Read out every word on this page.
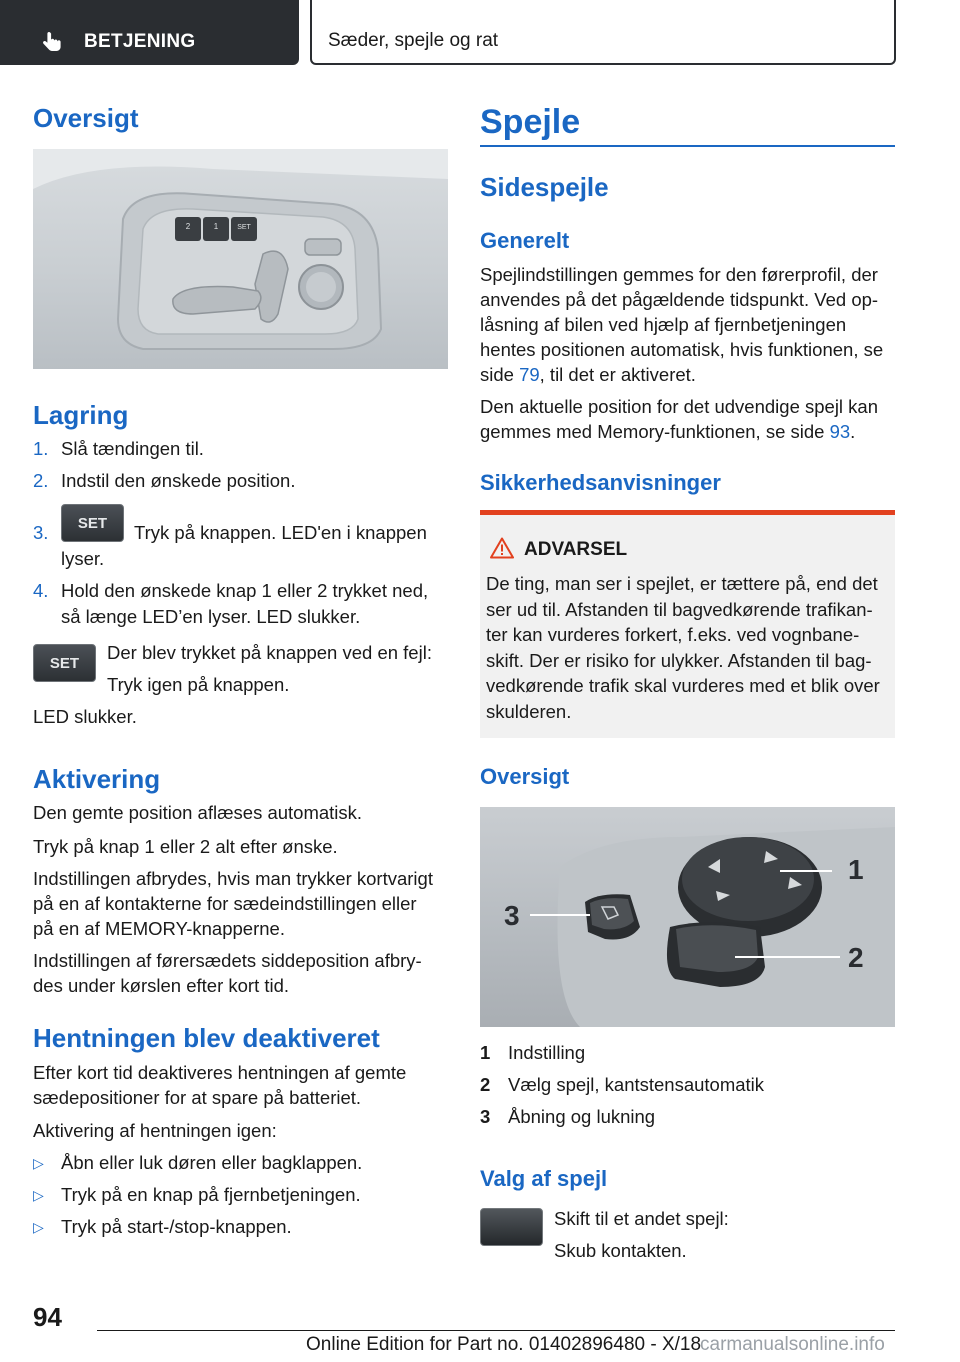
BETJENING	Sæder, spejle og rat
Oversigt
2	1	SET
Lagring
1. Slå tændingen til.
2. Indstil den ønskede position.
3. SET Tryk på knappen. LED'en i knappen
lyser.
4. Hold den ønskede knap 1 eller 2 trykket ned,
så længe LED’en lyser. LED slukker.
SET Der blev trykket på knappen ved en fejl:
Tryk igen på knappen.
LED slukker.
Aktivering
Den gemte position aflæses automatisk.
Tryk på knap 1 eller 2 alt efter ønske.
Indstillingen afbrydes, hvis man trykker kortvarigt
på en af kontakterne for sædeindstillingen eller
på en af MEMORY-knapperne.
Indstillingen af førersædets siddeposition afbry-
des under kørslen efter kort tid.
Hentningen blev deaktiveret
Efter kort tid deaktiveres hentningen af gemte
sædepositioner for at spare på batteriet.
Aktivering af hentningen igen:
▷ Åbn eller luk døren eller bagklappen.
▷ Tryk på en knap på fjernbetjeningen.
▷ Tryk på start-/stop-knappen.
Spejle
Sidespejle
Generelt
Spejlindstillingen gemmes for den førerprofil, der
anvendes på det pågældende tidspunkt. Ved op-
låsning af bilen ved hjælp af fjernbetjeningen
hentes positionen automatisk, hvis funktionen, se
side 79, til det er aktiveret.
Den aktuelle position for det udvendige spejl kan
gemmes med Memory-funktionen, se side 93.
Sikkerhedsanvisninger
ADVARSEL
De ting, man ser i spejlet, er tættere på, end det
ser ud til. Afstanden til bagvedkørende trafikan-
ter kan vurderes forkert, f.eks. ved vognbane-
skift. Der er risiko for ulykker. Afstanden til bag-
vedkørende trafik skal vurderes med et blik over
skulderen.
Oversigt
3
1
2
1 Indstilling
2 Vælg spejl, kantstensautomatik
3 Åbning og lukning
Valg af spejl
Skift til et andet spejl:
Skub kontakten.
94
Online Edition for Part no. 01402896480 - X/18
carmanualsonline.info
